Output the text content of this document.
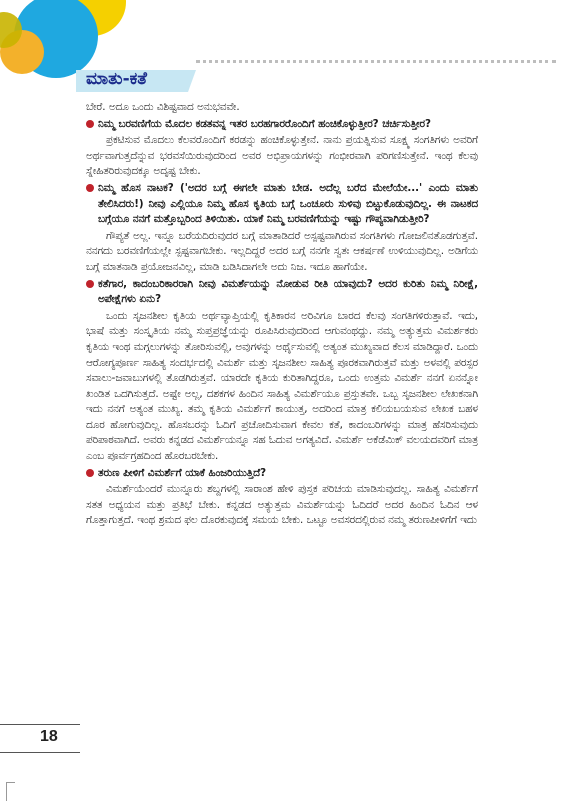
ಮಾತು-ಕತೆ

ಬೇರೆ. ಅದೂ ಒಂದು ವಿಶಿಷ್ಟವಾದ ಅನುಭವವೇ.

ನಿಮ್ಮ ಬರವಣಿಗೆಯ ಮೊದಲ ಕಡತವನ್ನ ಇತರ ಬರಹಗಾರರೊಂದಿಗೆ ಹಂಚಿಕೊಳ್ಳುತ್ತೀರ? ಚರ್ಚಿಸುತ್ತೀರ?

ಪ್ರಕಟಿಸುವ ಮೊದಲು ಕೆಲವರೊಂದಿಗೆ ಕರಡನ್ನು ಹಂಚಿಕೊಳ್ಳುತ್ತೇನೆ. ನಾನು ಪ್ರಯತ್ನಿಸುವ ಸೂಕ್ಷ್ಮ ಸಂಗತಿಗಳು ಅವರಿಗೆ ಅರ್ಥವಾಗುತ್ತದೆನ್ನುವ ಭರವಸೆಯಿರುವುದರಿಂದ ಅವರ ಅಭಿಪ್ರಾಯಗಳನ್ನು ಗಂಭೀರವಾಗಿ ಪರಿಗಣಿಸುತ್ತೇನೆ. ಇಂಥ ಕೆಲವು ಸ್ನೇಹಿತರಿರುವುದಕ್ಕೂ ಅದೃಷ್ಟ ಬೇಕು.

ನಿಮ್ಮ ಹೊಸ ನಾಟಕ? ('ಅದರ ಬಗ್ಗೆ ಈಗಲೇ ಮಾತು ಬೇಡ. ಅದೆಲ್ಲ ಬರೆದ ಮೇಲೆಯೇ...' ಎಂದು ಮಾತು ತೇಲಿಸಿದರು!) ನೀವು ಎಲ್ಲಿಯೂ ನಿಮ್ಮ ಹೊಸ ಕೃತಿಯ ಬಗ್ಗೆ ಒಂಚೂರು ಸುಳಿವು ಬಿಟ್ಟುಕೊಡುವುದಿಲ್ಲ. ಈ ನಾಟಕದ ಬಗ್ಗೆಯೂ ನನಗೆ ಮತ್ತೊಬ್ಬರಿಂದ ತಿಳಿಯಿತು. ಯಾಕೆ ನಿಮ್ಮ ಬರವಣಿಗೆಯನ್ನು ಇಷ್ಟು ಗೌಪ್ಯವಾಗಿಡುತ್ತೀರಿ?

ಗೌಪ್ಯತೆ ಅಲ್ಲ. ಇನ್ನೂ ಬರೆಯದಿರುವುದರ ಬಗ್ಗೆ ಮಾತಾಡಿದರೆ ಅಸ್ಪಷ್ಟವಾಗಿರುವ ಸಂಗತಿಗಳು ಗೋಜಲಿನತೊಡಗುತ್ತವೆ. ನನಗದು ಬರವಣಿಗೆಯಲ್ಲೇ ಸ್ಪಷ್ಟವಾಗಬೇಕು. ಇಲ್ಲದಿದ್ದರೆ ಅದರ ಬಗ್ಗೆ ನನಗೇ ಸ್ವತಃ ಆಕರ್ಷಣೆ ಉಳಿಯುವುದಿಲ್ಲ. ಅಡಿಗೆಯ ಬಗ್ಗೆ ಮಾತನಾಡಿ ಪ್ರಯೋಜನವಿಲ್ಲ, ಮಾಡಿ ಬಡಿಸಿದಾಗಲೇ ಅದು ನಿಜ. ಇದೂ ಹಾಗೆಯೇ.

ಕತೆಗಾರ, ಕಾದಂಬರಿಕಾರರಾಗಿ ನೀವು ವಿಮರ್ಶೆಯನ್ನು ನೋಡುವ ರೀತಿ ಯಾವುದು? ಅದರ ಕುರಿತು ನಿಮ್ಮ ನಿರೀಕ್ಷೆ, ಅಪೇಕ್ಷೆಗಳು ಏನು?

ಒಂದು ಸೃಜನಶೀಲ ಕೃತಿಯ ಅರ್ಥವ್ಯಾಪ್ತಿಯಲ್ಲಿ ಕೃತಿಕಾರನ ಅರಿವಿಗೂ ಬಾರದ ಕೆಲವು ಸಂಗತಿಗಳಿರುತ್ತಾವೆ. ಇದು, ಭಾಷೆ ಮತ್ತು ಸಂಸ್ಕೃತಿಯ ನಮ್ಮ ಸುಪ್ತಪ್ರಜ್ಞೆಯನ್ನು ರೂಪಿಸಿರುವುದರಿಂದ ಆಗುವಂಥದ್ದು. ನಮ್ಮ ಅತ್ಯುತ್ತಮ ವಿಮರ್ಶಕರು ಕೃತಿಯ ಇಂಥ ಮಗ್ಗಲುಗಳನ್ನು ತೋರಿಸುವಲ್ಲಿ, ಅವುಗಳನ್ನು ಅರ್ಥೈಸುವಲ್ಲಿ ಅತ್ಯಂತ ಮುಖ್ಯವಾದ ಕೆಲಸ ಮಾಡಿದ್ದಾರೆ. ಒಂದು ಆರೋಗ್ಯಪೂರ್ಣ ಸಾಹಿತ್ಯ ಸಂದರ್ಭದಲ್ಲಿ ವಿಮರ್ಶೆ ಮತ್ತು ಸೃಜನಶೀಲ ಸಾಹಿತ್ಯ ಪೂರಕವಾಗಿರುತ್ತವೆ ಮತ್ತು ಅಳವಲ್ಲಿ ಪರಸ್ಪರ ಸವಾಲು-ಜವಾಬುಗಳಲ್ಲಿ ತೊಡಗಿರುತ್ತವೆ. ಯಾರದೇ ಕೃತಿಯ ಕುರಿತಾಗಿದ್ದರೂ, ಒಂದು ಉತ್ತಮ ವಿಮರ್ಶೆ ನನಗೆ ಏನನ್ನೋ ಖಂಡಿತ ಒದಗಿಸುತ್ತದೆ. ಅಷ್ಟೇ ಅಲ್ಲ, ದಶಕಗಳ ಹಿಂದಿನ ಸಾಹಿತ್ಯ ವಿಮರ್ಶೆಯೂ ಪ್ರಸ್ತುತವೇ. ಒಬ್ಬ ಸೃಜನಶೀಲ ಲೇಖಕನಾಗಿ ಇದು ನನಗೆ ಅತ್ಯಂತ ಮುಖ್ಯ. ತಮ್ಮ ಕೃತಿಯ ವಿಮರ್ಶೆಗೆ ಕಾಯುತ್ತ, ಅದರಿಂದ ಮಾತ್ರ ಕಲಿಯಬಯಸುವ ಲೇಖಕ ಬಹಳ ದೂರ ಹೋಗುವುದಿಲ್ಲ. ಹೊಸಬರನ್ನು ಓದಿಗೆ ಪ್ರಚೋದಿಸುವಾಗ ಕೇವಲ ಕತೆ, ಕಾದಂಬರಿಗಳನ್ನು ಮಾತ್ರ ಹೆಸರಿಸುವುದು ಪರಿಪಾಠವಾಗಿದೆ. ಅವರು ಕನ್ನಡದ ವಿಮರ್ಶೆಯನ್ನೂ ಸಹ ಓದುವ ಅಗತ್ಯವಿದೆ. ವಿಮರ್ಶೆ ಅಕೆಡೆಮಿಕ್ ವಲಯದವರಿಗೆ ಮಾತ್ರ ಎಂಬ ಪೂರ್ವಗ್ರಹದಿಂದ ಹೊರಬರಬೇಕು.

ತರುಣ ಪೀಳಿಗೆ ವಿಮರ್ಶೆಗೆ ಯಾಕೆ ಹಿಂಜರಿಯುತ್ತಿದೆ?

ವಿಮರ್ಶೆಯೆಂದರೆ ಮುನ್ನೂರು ಶಬ್ದಗಳಲ್ಲಿ ಸಾರಾಂಶ ಹೇಳಿ ಪುಸ್ತಕ ಪರಿಚಯ ಮಾಡಿಸುವುದಲ್ಲ. ಸಾಹಿತ್ಯ ವಿಮರ್ಶೆಗೆ ಸತತ ಅಧ್ಯಯನ ಮತ್ತು ಪ್ರತಿಭೆ ಬೇಕು. ಕನ್ನಡದ ಅತ್ಯುತ್ತಮ ವಿಮರ್ಶೆಯನ್ನು ಓದಿದರೆ ಅದರ ಹಿಂದಿನ ಓದಿನ ಆಳ ಗೊತ್ತಾಗುತ್ತದೆ. ಇಂಥ ಶ್ರಮದ ಫಲ ದೊರಕುವುದಕ್ಕೆ ಸಮಯ ಬೇಕು. ಒಟ್ಟೂ ಅವಸರದಲ್ಲಿರುವ ನಮ್ಮ ತರುಣಪೀಳಿಗೆಗೆ ಇದು

18
